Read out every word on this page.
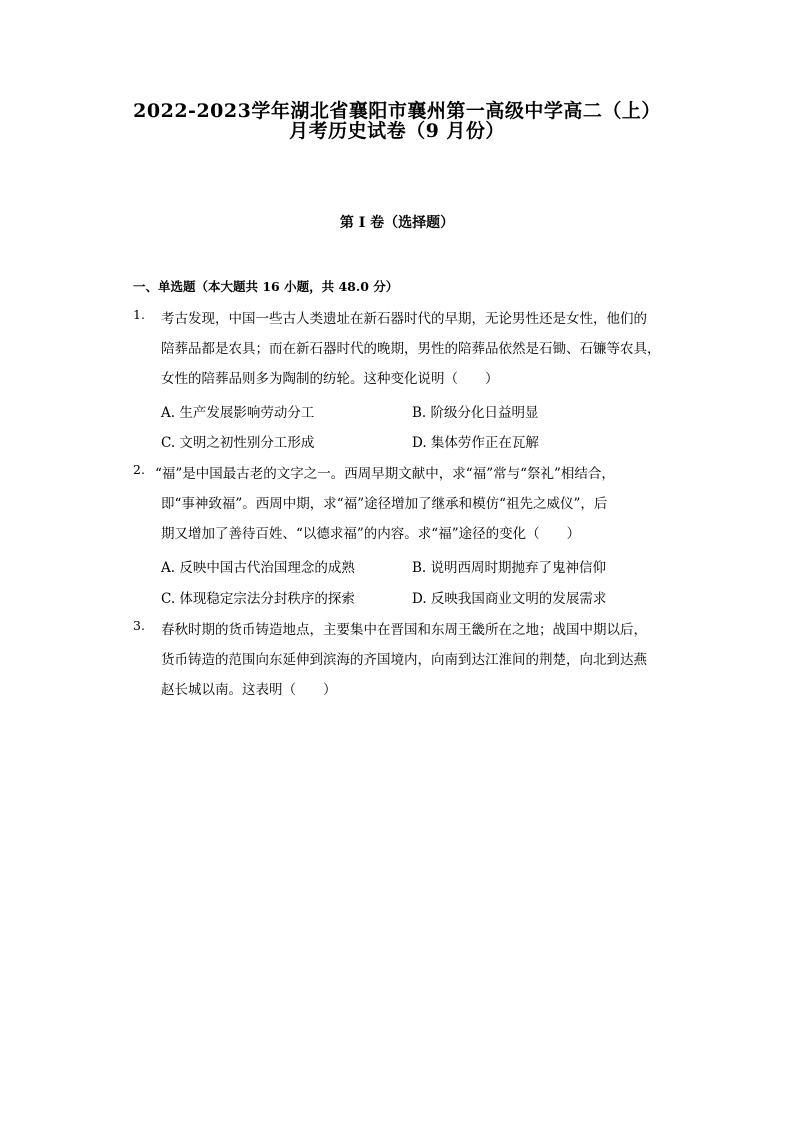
2022-2023学年湖北省襄阳市襄州第一高级中学高二（上）
月考历史试卷（9 月份）
第 I 卷（选择题）
一、单选题（本大题共 16 小题，共 48.0 分）
1. 考古发现，中国一些古人类遗址在新石器时代的早期，无论男性还是女性，他们的
陪葬品都是农具；而在新石器时代的晚期，男性的陪葬品依然是石锄、石镰等农具，
女性的陪葬品则多为陶制的纺轮。这种变化说明（　　）
A. 生产发展影响劳动分工	B. 阶级分化日益明显
C. 文明之初性别分工形成	D. 集体劳作正在瓦解
2. “福”是中国最古老的文字之一。西周早期文献中，求“福”常与“祭礼”相结合，
即“事神致福”。西周中期，求“福”途径增加了继承和模仿“祖先之威仪”，后
期又增加了善待百姓、“以德求福”的内容。求“福”途径的变化（　　）
A. 反映中国古代治国理念的成熟	B. 说明西周时期抛弃了鬼神信仰
C. 体现稳定宗法分封秩序的探索	D. 反映我国商业文明的发展需求
3. 春秋时期的货币铸造地点，主要集中在晋国和东周王畿所在之地；战国中期以后，
货币铸造的范围向东延伸到滨海的齐国境内，向南到达江淮间的荆楚，向北到达燕
赵长城以南。这表明（　　）
